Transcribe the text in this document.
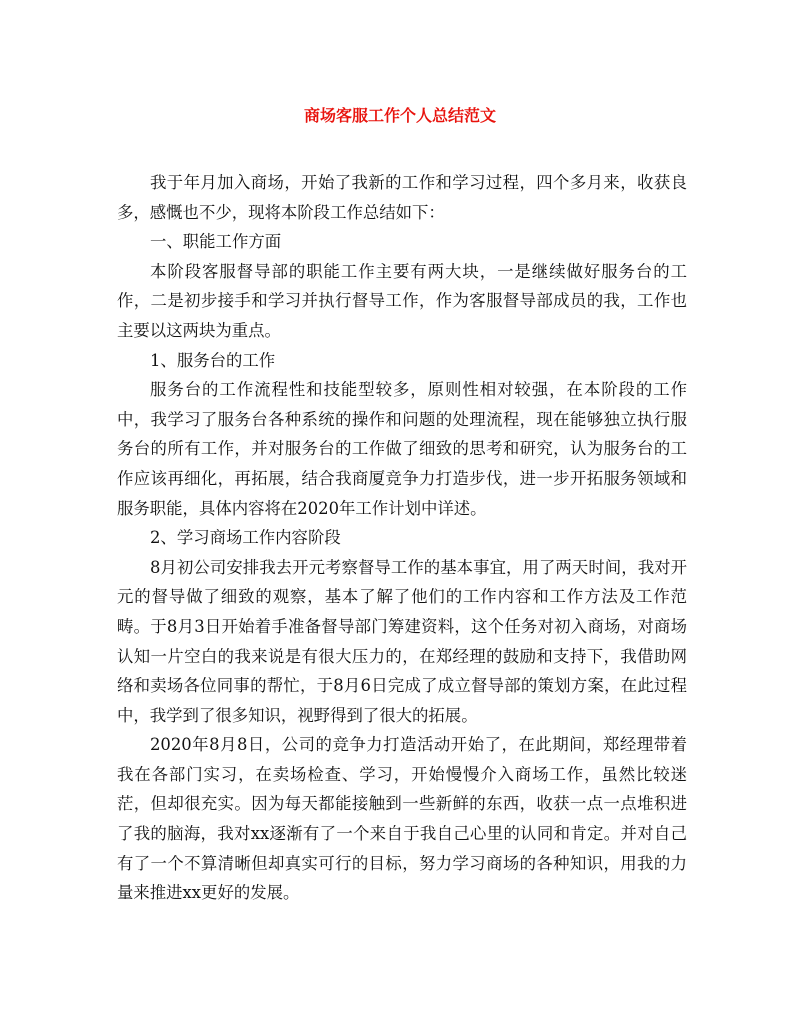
商场客服工作个人总结范文

我于年月加入商场，开始了我新的工作和学习过程，四个多月来，收获良多，感慨也不少，现将本阶段工作总结如下：

一、职能工作方面

本阶段客服督导部的职能工作主要有两大块，一是继续做好服务台的工作，二是初步接手和学习并执行督导工作，作为客服督导部成员的我，工作也主要以这两块为重点。

1、服务台的工作

服务台的工作流程性和技能型较多，原则性相对较强，在本阶段的工作中，我学习了服务台各种系统的操作和问题的处理流程，现在能够独立执行服务台的所有工作，并对服务台的工作做了细致的思考和研究，认为服务台的工作应该再细化，再拓展，结合我商厦竞争力打造步伐，进一步开拓服务领域和服务职能，具体内容将在2020年工作计划中详述。

2、学习商场工作内容阶段

8月初公司安排我去开元考察督导工作的基本事宜，用了两天时间，我对开元的督导做了细致的观察，基本了解了他们的工作内容和工作方法及工作范畴。于8月3日开始着手准备督导部门筹建资料，这个任务对初入商场，对商场认知一片空白的我来说是有很大压力的，在郑经理的鼓励和支持下，我借助网络和卖场各位同事的帮忙，于8月6日完成了成立督导部的策划方案，在此过程中，我学到了很多知识，视野得到了很大的拓展。

2020年8月8日，公司的竞争力打造活动开始了，在此期间，郑经理带着我在各部门实习，在卖场检查、学习，开始慢慢介入商场工作，虽然比较迷茫，但却很充实。因为每天都能接触到一些新鲜的东西，收获一点一点堆积进了我的脑海，我对xx逐渐有了一个来自于我自己心里的认同和肯定。并对自己有了一个不算清晰但却真实可行的目标，努力学习商场的各种知识，用我的力量来推进xx更好的发展。
